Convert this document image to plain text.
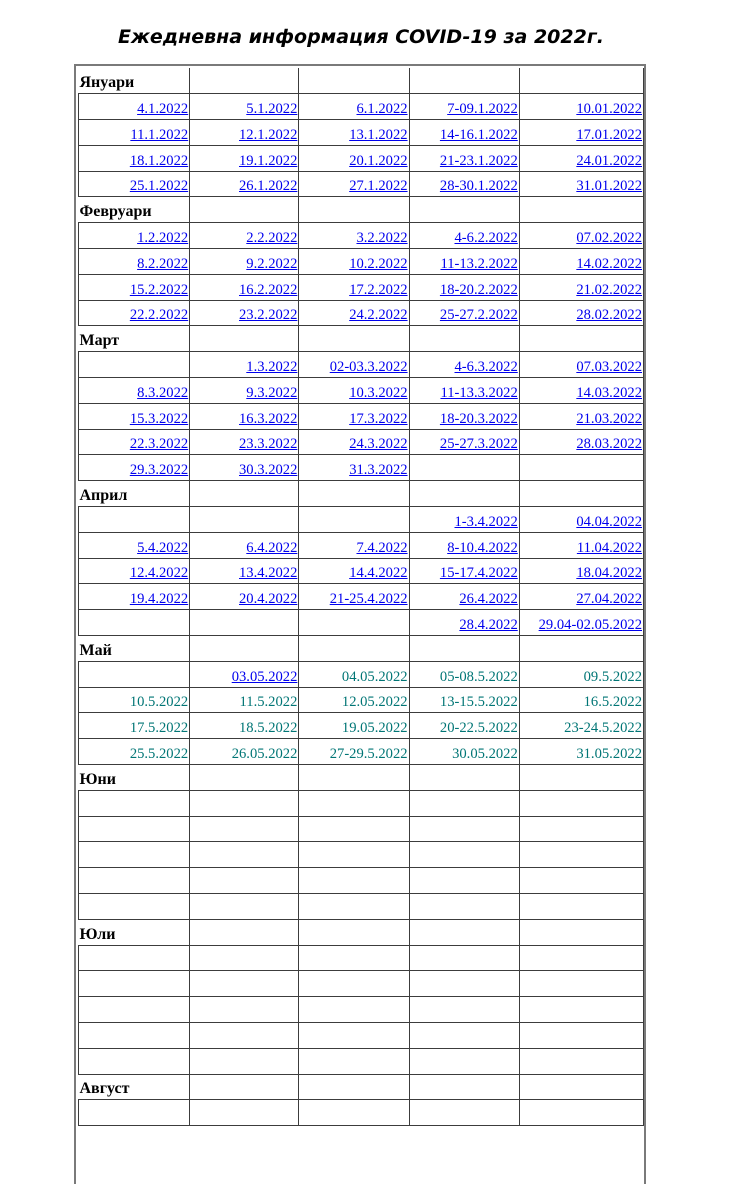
Ежедневна информация COVID-19 за 2022г.
Януари				
4.1.2022	5.1.2022	6.1.2022	7-09.1.2022	10.01.2022
11.1.2022	12.1.2022	13.1.2022	14-16.1.2022	17.01.2022
18.1.2022	19.1.2022	20.1.2022	21-23.1.2022	24.01.2022
25.1.2022	26.1.2022	27.1.2022	28-30.1.2022	31.01.2022
Февруари				
1.2.2022	2.2.2022	3.2.2022	4-6.2.2022	07.02.2022
8.2.2022	9.2.2022	10.2.2022	11-13.2.2022	14.02.2022
15.2.2022	16.2.2022	17.2.2022	18-20.2.2022	21.02.2022
22.2.2022	23.2.2022	24.2.2022	25-27.2.2022	28.02.2022
Март				
	1.3.2022	02-03.3.2022	4-6.3.2022	07.03.2022
8.3.2022	9.3.2022	10.3.2022	11-13.3.2022	14.03.2022
15.3.2022	16.3.2022	17.3.2022	18-20.3.2022	21.03.2022
22.3.2022	23.3.2022	24.3.2022	25-27.3.2022	28.03.2022
29.3.2022	30.3.2022	31.3.2022		
Април				
			1-3.4.2022	04.04.2022
5.4.2022	6.4.2022	7.4.2022	8-10.4.2022	11.04.2022
12.4.2022	13.4.2022	14.4.2022	15-17.4.2022	18.04.2022
19.4.2022	20.4.2022	21-25.4.2022	26.4.2022	27.04.2022
			28.4.2022	29.04-02.05.2022
Май				
	03.05.2022	04.05.2022	05-08.5.2022	09.5.2022
10.5.2022	11.5.2022	12.05.2022	13-15.5.2022	16.5.2022
17.5.2022	18.5.2022	19.05.2022	20-22.5.2022	23-24.5.2022
25.5.2022	26.05.2022	27-29.5.2022	30.05.2022	31.05.2022
Юни				

Юли				

Август				
